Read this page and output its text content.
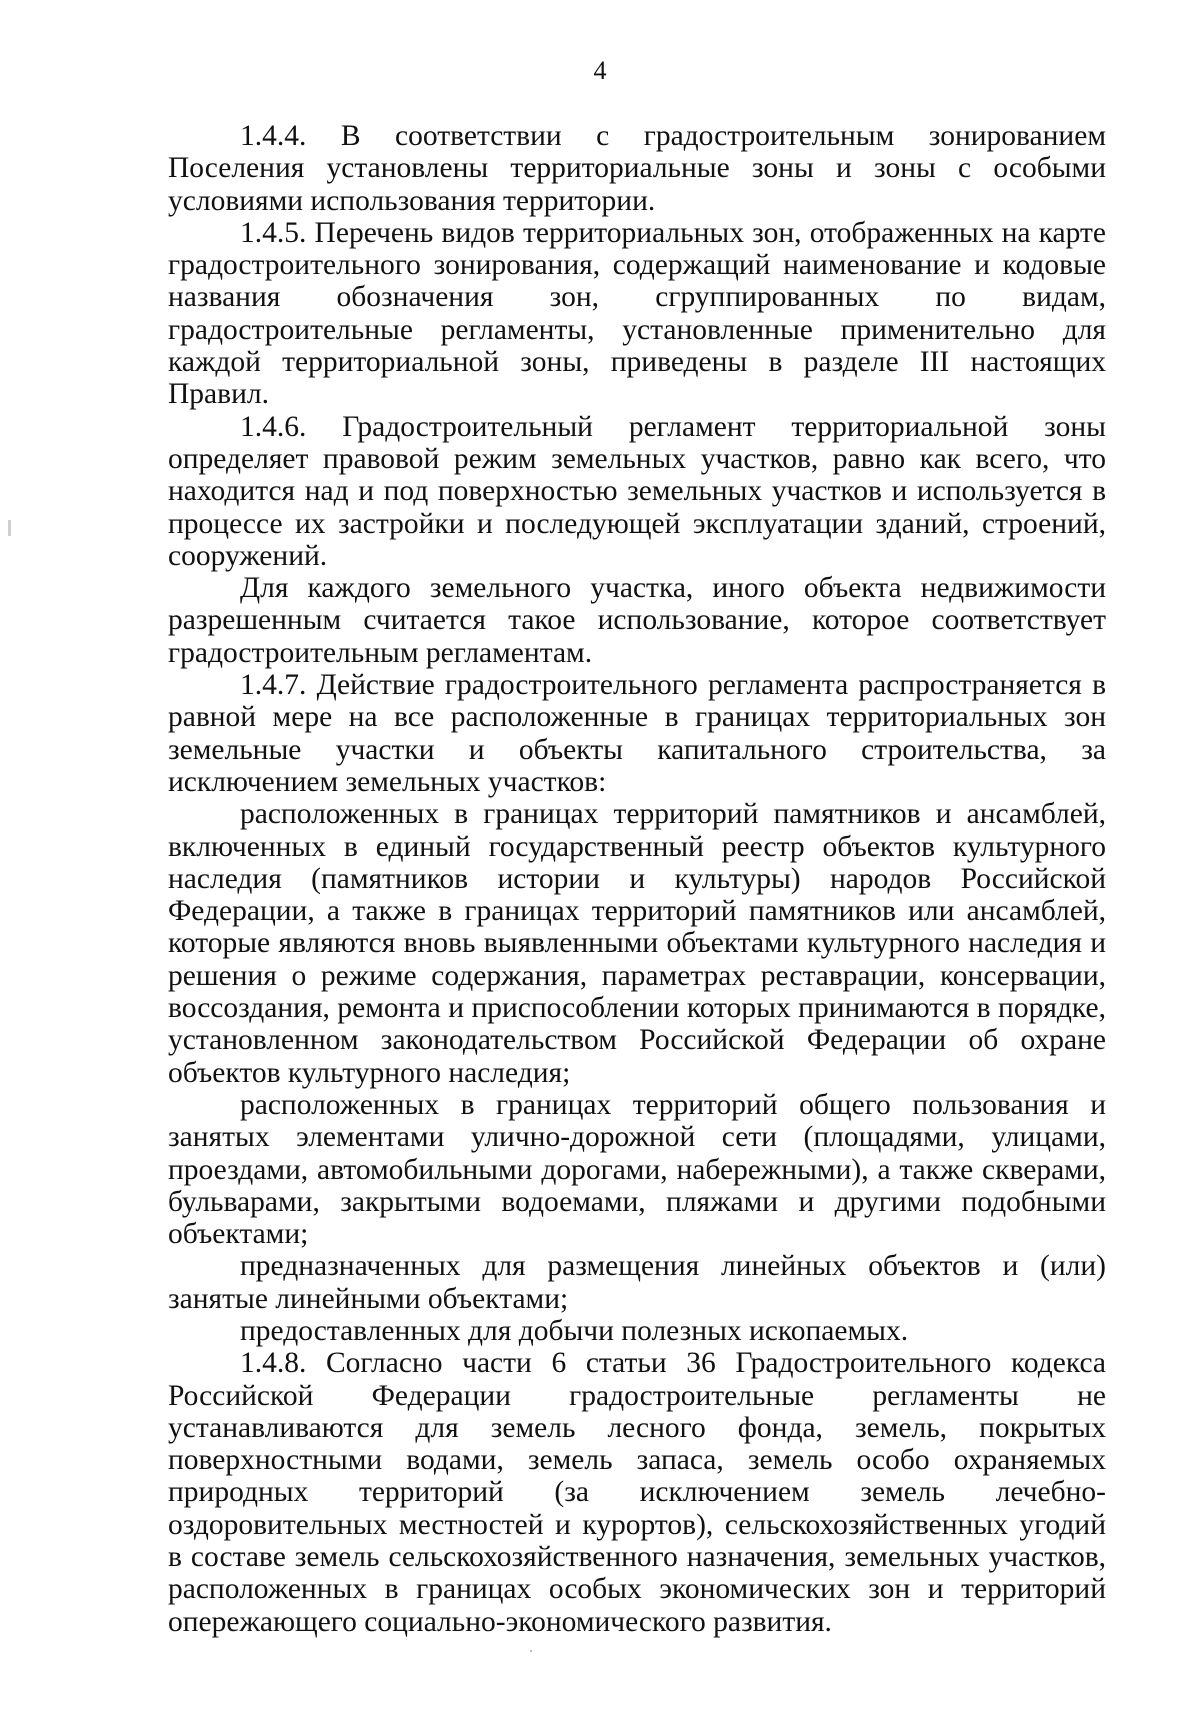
4

1.4.4. В соответствии с градостроительным зонированием Поселения установлены территориальные зоны и зоны с особыми условиями использования территории.

1.4.5. Перечень видов территориальных зон, отображенных на карте градостроительного зонирования, содержащий наименование и кодовые названия обозначения зон, сгруппированных по видам, градостроительные регламенты, установленные применительно для каждой территориальной зоны, приведены в разделе III настоящих Правил.

1.4.6. Градостроительный регламент территориальной зоны определяет правовой режим земельных участков, равно как всего, что находится над и под поверхностью земельных участков и используется в процессе их застройки и последующей эксплуатации зданий, строений, сооружений.

Для каждого земельного участка, иного объекта недвижимости разрешенным считается такое использование, которое соответствует градостроительным регламентам.

1.4.7. Действие градостроительного регламента распространяется в равной мере на все расположенные в границах территориальных зон земельные участки и объекты капитального строительства, за исключением земельных участков:

расположенных в границах территорий памятников и ансамблей, включенных в единый государственный реестр объектов культурного наследия (памятников истории и культуры) народов Российской Федерации, а также в границах территорий памятников или ансамблей, которые являются вновь выявленными объектами культурного наследия и решения о режиме содержания, параметрах реставрации, консервации, воссоздания, ремонта и приспособлении которых принимаются в порядке, установленном законодательством Российской Федерации об охране объектов культурного наследия;

расположенных в границах территорий общего пользования и занятых элементами улично-дорожной сети (площадями, улицами, проездами, автомобильными дорогами, набережными), а также скверами, бульварами, закрытыми водоемами, пляжами и другими подобными объектами;

предназначенных для размещения линейных объектов и (или) занятые линейными объектами;

предоставленных для добычи полезных ископаемых.

1.4.8. Согласно части 6 статьи 36 Градостроительного кодекса Российской Федерации градостроительные регламенты не устанавливаются для земель лесного фонда, земель, покрытых поверхностными водами, земель запаса, земель особо охраняемых природных территорий (за исключением земель лечебно-оздоровительных местностей и курортов), сельскохозяйственных угодий в составе земель сельскохозяйственного назначения, земельных участков, расположенных в границах особых экономических зон и территорий опережающего социально-экономического развития.
